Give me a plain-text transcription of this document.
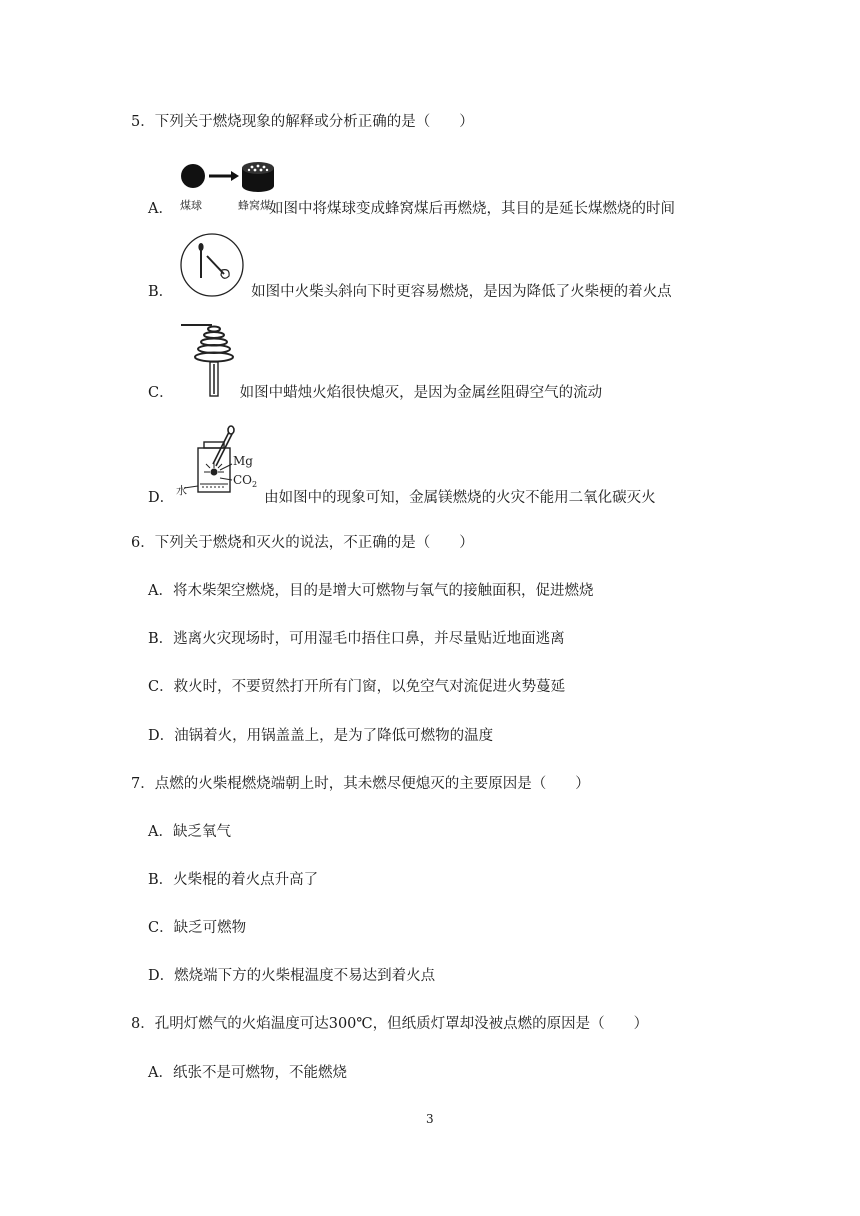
5．下列关于燃烧现象的解释或分析正确的是（　　）
煤球	蜂窝煤
A．	如图中将煤球变成蜂窝煤后再燃烧，其目的是延长煤燃烧的时间
B．	如图中火柴头斜向下时更容易燃烧，是因为降低了火柴梗的着火点
C．	如图中蜡烛火焰很快熄灭，是因为金属丝阻碍空气的流动
Mg
$CO_2$
水
D．	由如图中的现象可知，金属镁燃烧的火灾不能用二氧化碳灭火
6．下列关于燃烧和灭火的说法，不正确的是（　　）
A．将木柴架空燃烧，目的是增大可燃物与氧气的接触面积，促进燃烧
B．逃离火灾现场时，可用湿毛巾捂住口鼻，并尽量贴近地面逃离
C．救火时，不要贸然打开所有门窗，以免空气对流促进火势蔓延
D．油锅着火，用锅盖盖上，是为了降低可燃物的温度
7．点燃的火柴棍燃烧端朝上时，其未燃尽便熄灭的主要原因是（　　）
A．缺乏氧气
B．火柴棍的着火点升高了
C．缺乏可燃物
D．燃烧端下方的火柴棍温度不易达到着火点
8．孔明灯燃气的火焰温度可达300℃，但纸质灯罩却没被点燃的原因是（　　）
A．纸张不是可燃物，不能燃烧
3
